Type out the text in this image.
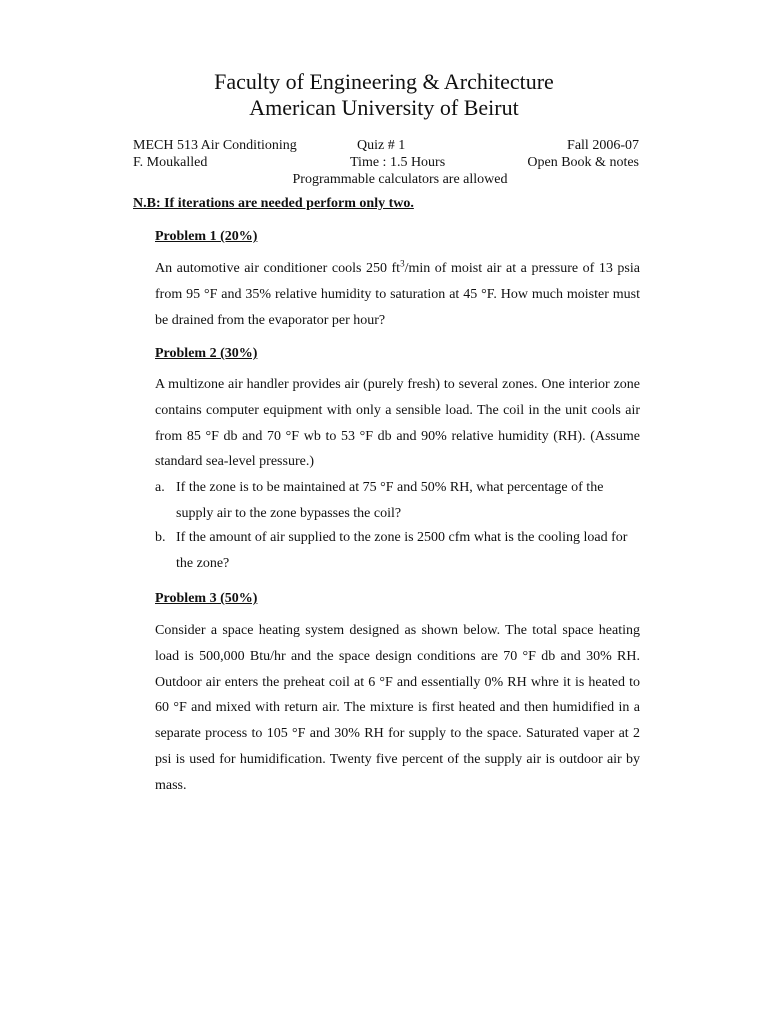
Faculty of Engineering & Architecture
American University of Beirut
MECH 513 Air Conditioning	Quiz # 1	Fall 2006-07
F. Moukalled	Time : 1.5 Hours	Open Book & notes
Programmable calculators are allowed
N.B: If iterations are needed perform only two.
Problem 1 (20%)
An automotive air conditioner cools 250 $ft^3/\min$ of moist air at a pressure of 13 psia from 95 °F and 35% relative humidity to saturation at 45 °F. How much moister must be drained from the evaporator per hour?
Problem 2 (30%)
A multizone air handler provides air (purely fresh) to several zones. One interior zone contains computer equipment with only a sensible load. The coil in the unit cools air from 85 °F db and 70 °F wb to 53 °F db and 90% relative humidity (RH). (Assume standard sea-level pressure.)
a. If the zone is to be maintained at 75 °F and 50% RH, what percentage of the supply air to the zone bypasses the coil?
b. If the amount of air supplied to the zone is 2500 cfm what is the cooling load for the zone?
Problem 3 (50%)
Consider a space heating system designed as shown below. The total space heating load is 500,000 Btu/hr and the space design conditions are 70 °F db and 30% RH. Outdoor air enters the preheat coil at 6 °F and essentially 0% RH whre it is heated to 60 °F and mixed with return air. The mixture is first heated and then humidified in a separate process to 105 °F and 30% RH for supply to the space. Saturated vaper at 2 psi is used for humidification. Twenty five percent of the supply air is outdoor air by mass.
